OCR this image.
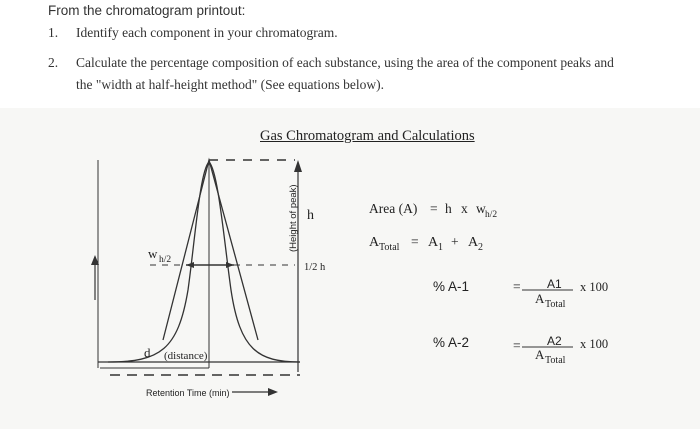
From the chromatogram printout:
1. Identify each component in your chromatogram.
2. Calculate the percentage composition of each substance, using the area of the component peaks and
the "width at half-height method" (See equations below).
Gas Chromatogram and Calculations
(Height of peak) h
w h/2
1/2 h
d (distance)
Retention Time (min)
Area (A) = h x w h/2
A Total = A 1 + A 2
% A-1	= A1
A Total
x 100
% A-2	= A2
A Total
x 100
